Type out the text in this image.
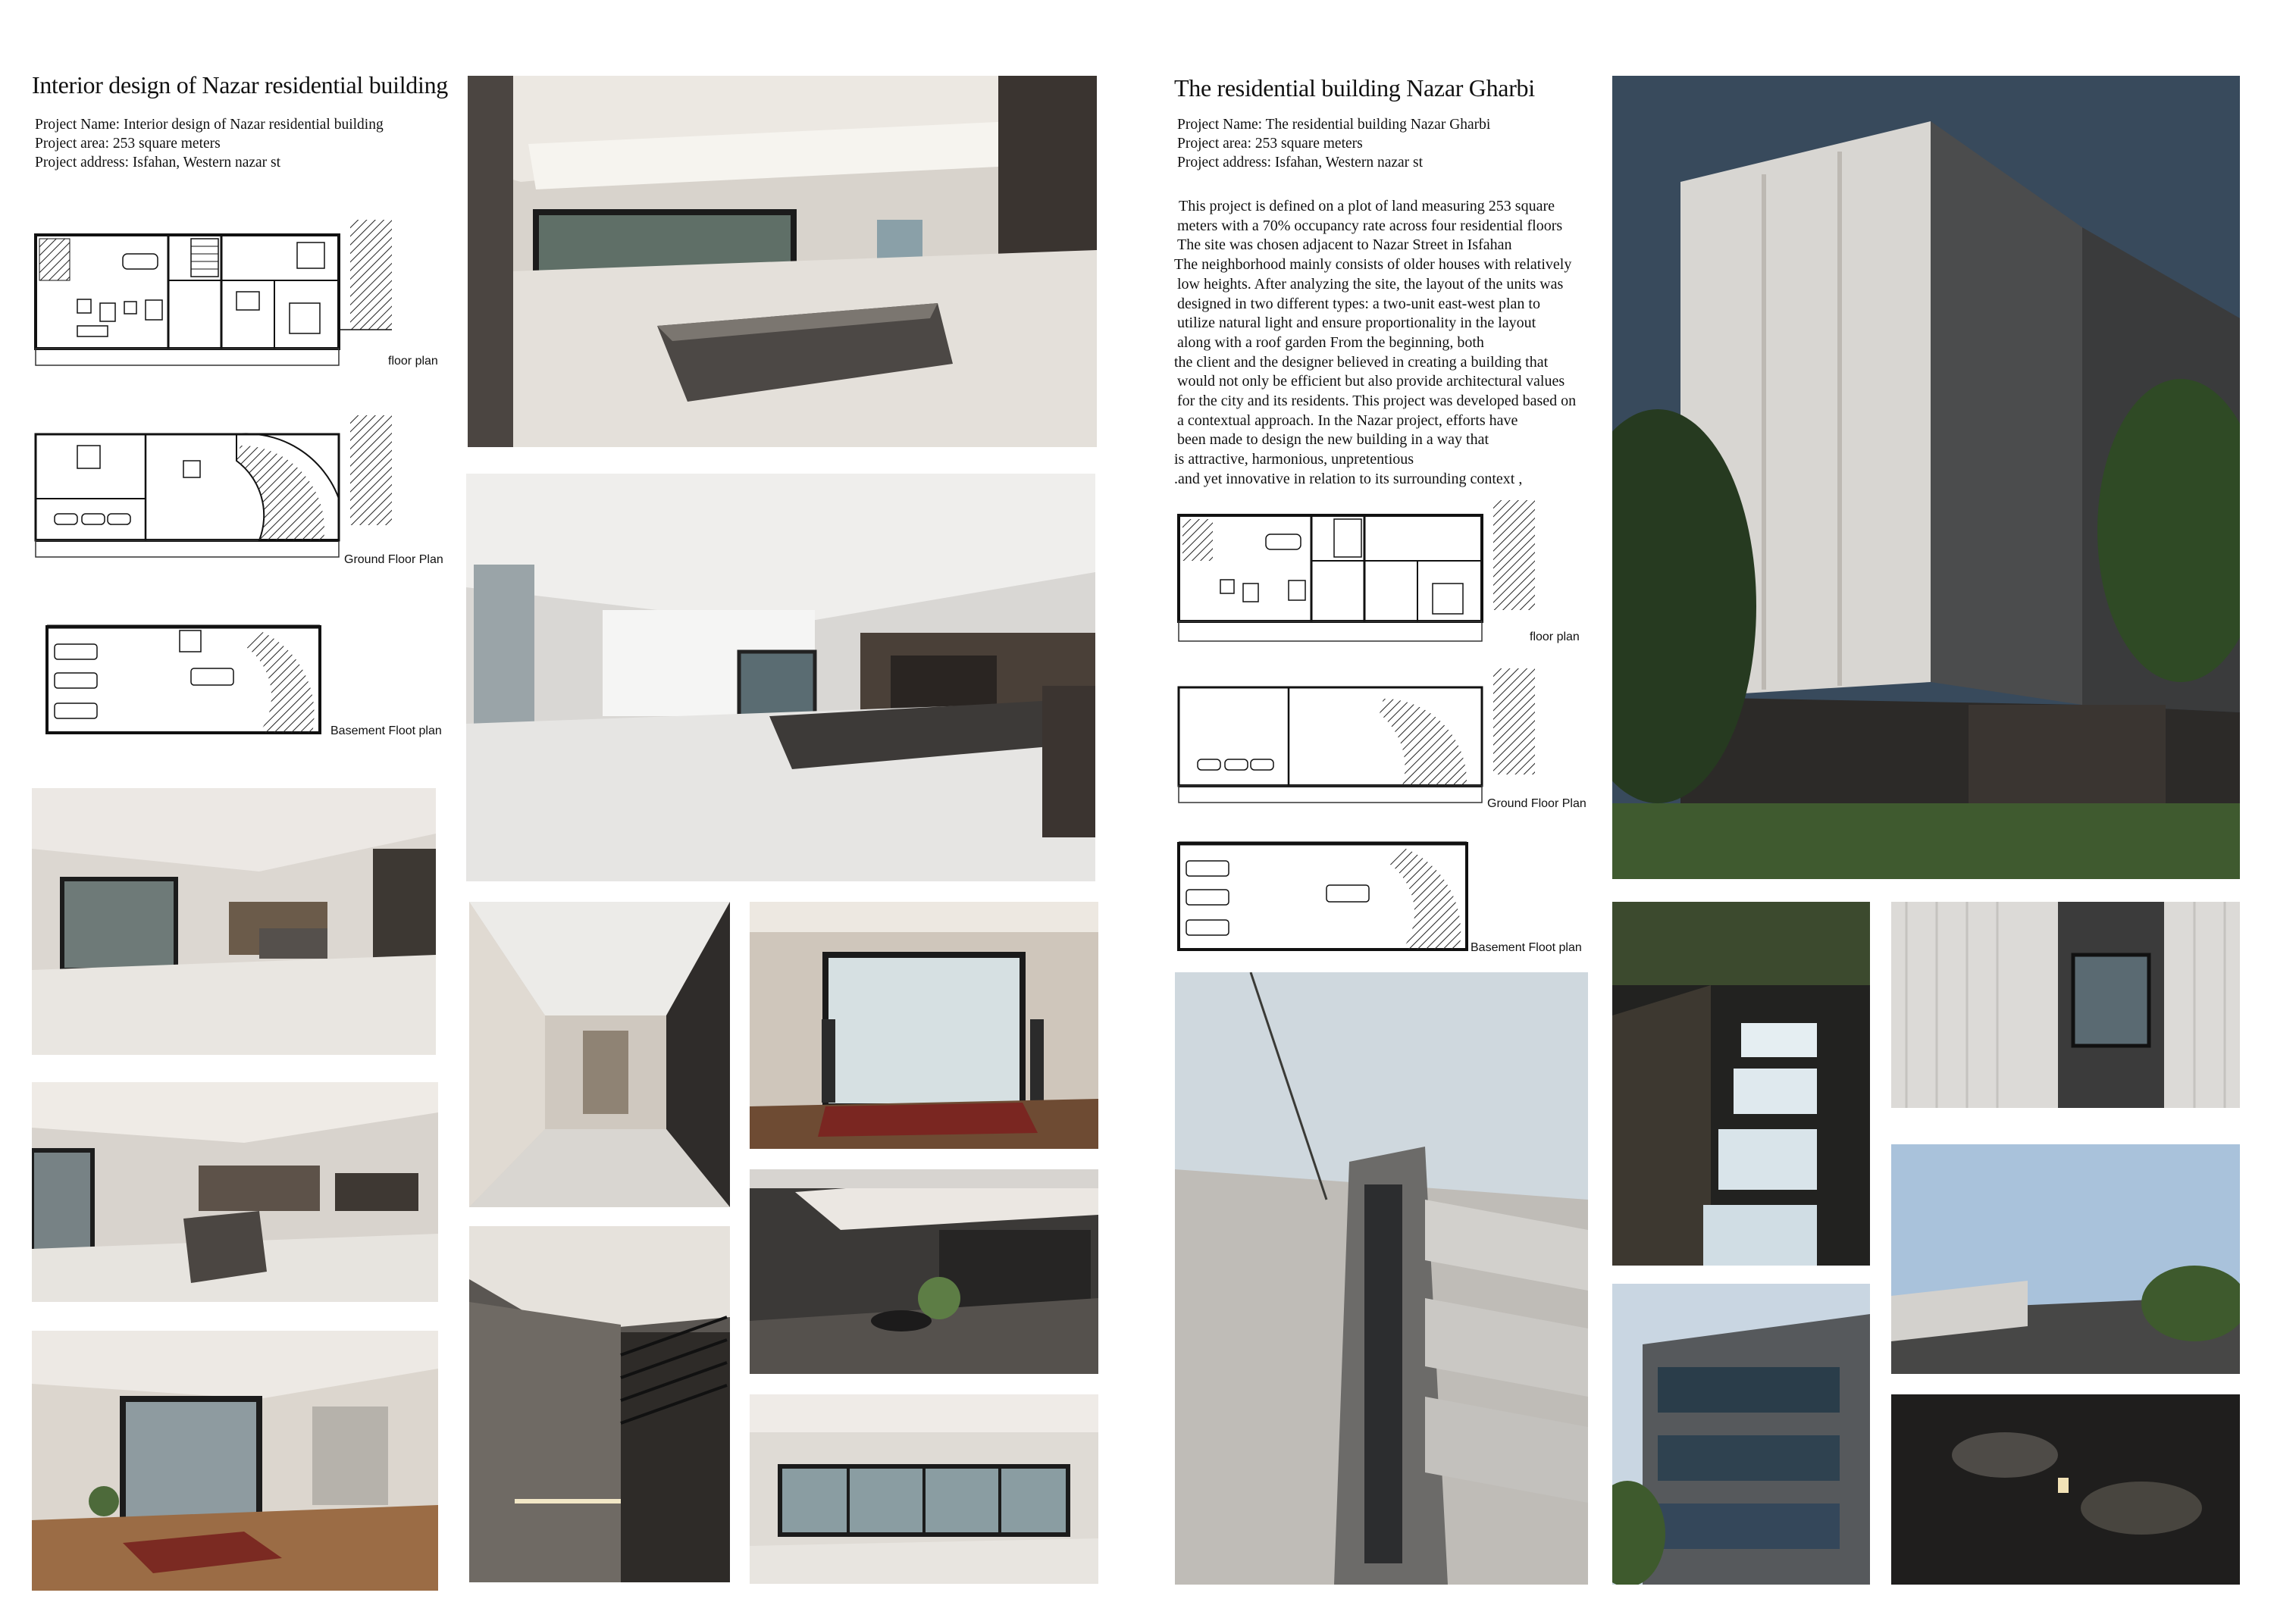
Interior design of Nazar residential building
Project Name: Interior design of Nazar residential building
Project area: 253 square meters
Project address: Isfahan, Western nazar st
floor plan
Ground Floor Plan
Basement Floot plan
The residential building Nazar Gharbi
Project Name: The residential building Nazar Gharbi
Project area: 253 square meters
Project address: Isfahan, Western nazar st
This project is defined on a plot of land measuring 253 square
meters with a 70% occupancy rate across four residential floors
The site was chosen adjacent to Nazar Street in Isfahan
The neighborhood mainly consists of older houses with relatively
low heights. After analyzing the site, the layout of the units was
designed in two different types: a two-unit east-west plan to
utilize natural light and ensure proportionality in the layout
along with a roof garden From the beginning, both
the client and the designer believed in creating a building that
would not only be efficient but also provide architectural values
for the city and its residents. This project was developed based on
a contextual approach. In the Nazar project, efforts have
been made to design the new building in a way that
is attractive, harmonious, unpretentious
.and yet innovative in relation to its surrounding context ,
floor plan
Ground Floor Plan
Basement Floot plan
